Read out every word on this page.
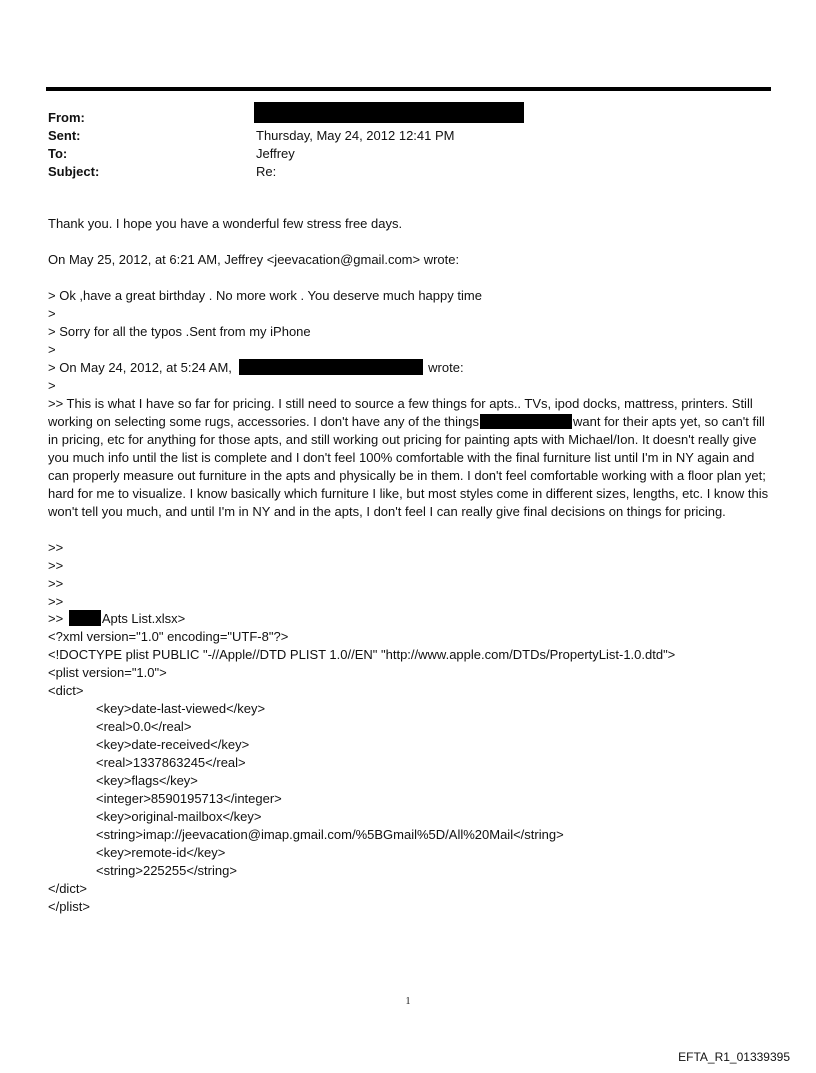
From:
Sent:	Thursday, May 24, 2012 12:41 PM
To:	Jeffrey
Subject:	Re:
Thank you. I hope you have a wonderful few stress free days.
On May 25, 2012, at 6:21 AM, Jeffrey <jeevacation@gmail.com> wrote:
> Ok ,have a great birthday . No more work . You deserve much happy time
>
> Sorry for all the typos .Sent from my iPhone
>
> On May 24, 2012, at 5:24 AM,	wrote:
>
>> This is what I have so far for pricing. I still need to source a few things for apts.. TVs, ipod docks, mattress, printers. Still working on selecting some rugs, accessories. I don't have any of the things	want for their apts yet, so can't fill in pricing, etc for anything for those apts, and still working out pricing for painting apts with Michael/Ion. It doesn't really give you much info until the list is complete and I don't feel 100% comfortable with the final furniture list until I'm in NY again and can properly measure out furniture in the apts and physically be in them. I don't feel comfortable working with a floor plan yet; hard for me to visualize. I know basically which furniture I like, but most styles come in different sizes, lengths, etc. I know this won't tell you much, and until I'm in NY and in the apts, I don't feel I can really give final decisions on things for pricing.
>>
>>
>>
>>
>>	Apts List.xlsx>
<?xml version="1.0" encoding="UTF-8"?>
<!DOCTYPE plist PUBLIC "-//Apple//DTD PLIST 1.0//EN" "http://www.apple.com/DTDs/PropertyList-1.0.dtd">
<plist version="1.0">
<dict>
<key>date-last-viewed</key>
<real>0.0</real>
<key>date-received</key>
<real>1337863245</real>
<key>flags</key>
<integer>8590195713</integer>
<key>original-mailbox</key>
<string>imap://jeevacation@imap.gmail.com/%5BGmail%5D/All%20Mail</string>
<key>remote-id</key>
<string>225255</string>
</dict>
</plist>
1
EFTA_R1_01339395
